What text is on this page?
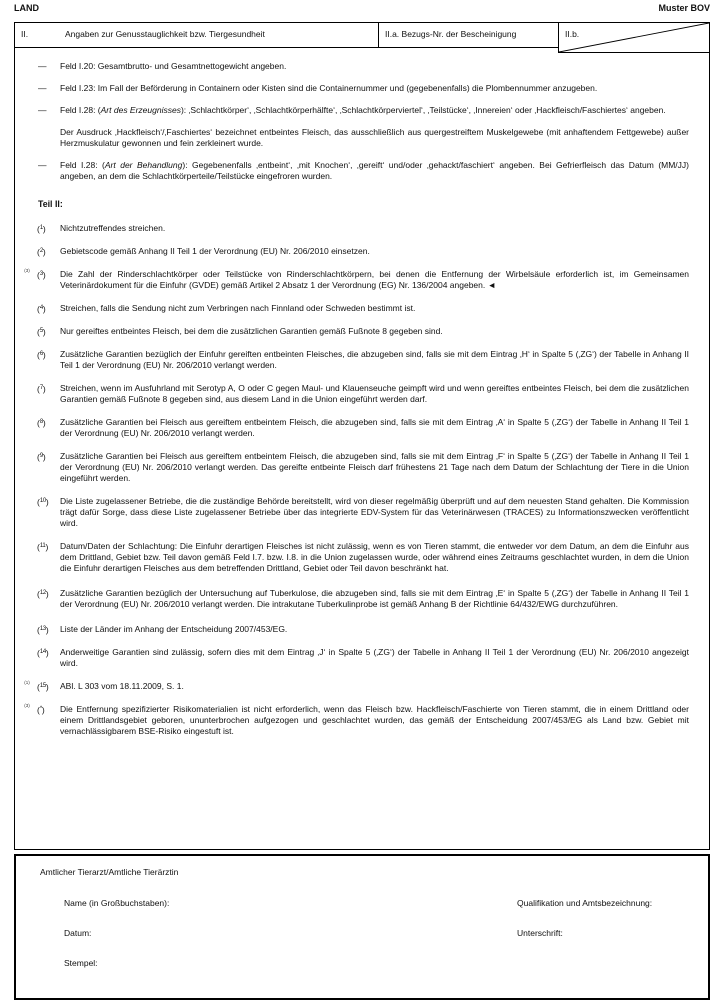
LAND	Muster BOV
II.	Angaben zur Genusstauglichkeit bzw. Tiergesundheit	II.a. Bezugs-Nr. der Bescheinigung	II.b.
— Feld I.20: Gesamtbrutto- und Gesamtnettogewicht angeben.
— Feld I.23: Im Fall der Beförderung in Containern oder Kisten sind die Containernummer und (gegebenenfalls) die Plombennummer anzugeben.
— Feld I.28: (Art des Erzeugnisses): ‚Schlachtkörper‘, ‚Schlachtkörperhälfte‘, ‚Schlachtkörperviertel‘, ‚Teilstücke‘, ‚Innereien‘ oder ‚Hackfleisch/Faschiertes‘ angeben.
Der Ausdruck ‚Hackfleisch‘/‚Faschiertes‘ bezeichnet entbeintes Fleisch, das ausschließlich aus quergestreiftem Muskelgewebe (mit anhaftendem Fettgewebe) außer Herzmuskulatur gewonnen und fein zerkleinert wurde.
— Feld I.28: (Art der Behandlung): Gegebenenfalls ‚entbeint‘, ‚mit Knochen‘, ‚gereift‘ und/oder ‚gehackt/faschiert‘ angeben. Bei Gefrierfleisch das Datum (MM/JJ) angeben, an dem die Schlachtkörperteile/Teilstücke eingefroren wurden.
Teil II:
( $^1$ )	Nichtzutreffendes streichen.
( $^2$ )	Gebietscode gemäß Anhang II Teil 1 der Verordnung (EU) Nr. 206/2010 einsetzen.
(3)	( $^3$ )	Die Zahl der Rinderschlachtkörper oder Teilstücke von Rinderschlachtkörpern, bei denen die Entfernung der Wirbelsäule erforderlich ist, im Gemeinsamen Veterinärdokument für die Einfuhr (GVDE) gemäß Artikel 2 Absatz 1 der Verordnung (EG) Nr. 136/2004 angeben. ◄
( $^4$ )	Streichen, falls die Sendung nicht zum Verbringen nach Finnland oder Schweden bestimmt ist.
( $^5$ )	Nur gereiftes entbeintes Fleisch, bei dem die zusätzlichen Garantien gemäß Fußnote 8 gegeben sind.
( $^6$ )	Zusätzliche Garantien bezüglich der Einfuhr gereiften entbeinten Fleisches, die abzugeben sind, falls sie mit dem Eintrag ‚H‘ in Spalte 5 (‚ZG‘) der Tabelle in Anhang II Teil 1 der Verordnung (EU) Nr. 206/2010 verlangt werden.
( $^7$ )	Streichen, wenn im Ausfuhrland mit Serotyp A, O oder C gegen Maul- und Klauenseuche geimpft wird und wenn gereiftes entbeintes Fleisch, bei dem die zusätzlichen Garantien gemäß Fußnote 8 gegeben sind, aus diesem Land in die Union eingeführt werden darf.
( $^8$ )	Zusätzliche Garantien bei Fleisch aus gereiftem entbeintem Fleisch, die abzugeben sind, falls sie mit dem Eintrag ‚A‘ in Spalte 5 (‚ZG‘) der Tabelle in Anhang II Teil 1 der Verordnung (EU) Nr. 206/2010 verlangt werden.
( $^9$ )	Zusätzliche Garantien bei Fleisch aus gereiftem entbeintem Fleisch, die abzugeben sind, falls sie mit dem Eintrag ‚F‘ in Spalte 5 (‚ZG‘) der Tabelle in Anhang II Teil 1 der Verordnung (EU) Nr. 206/2010 verlangt werden. Das gereifte entbeinte Fleisch darf frühestens 21 Tage nach dem Datum der Schlachtung der Tiere in die Union eingeführt werden.
( $^{10}$ )	Die Liste zugelassener Betriebe, die die zuständige Behörde bereitstellt, wird von dieser regelmäßig überprüft und auf dem neuesten Stand gehalten. Die Kommission trägt dafür Sorge, dass diese Liste zugelassener Betriebe über das integrierte EDV-System für das Veterinärwesen (TRACES) zu Informationszwecken veröffentlicht wird.
( $^{11}$ )	Datum/Daten der Schlachtung: Die Einfuhr derartigen Fleisches ist nicht zulässig, wenn es von Tieren stammt, die entweder vor dem Datum, an dem die Einfuhr aus dem Drittland, Gebiet bzw. Teil davon gemäß Feld I.7. bzw. I.8. in die Union zugelassen wurde, oder während eines Zeitraums geschlachtet wurden, in dem die Union die Einfuhr derartigen Fleisches aus dem betreffenden Drittland, Gebiet oder Teil davon beschränkt hat.
( $^{12}$ )	Zusätzliche Garantien bezüglich der Untersuchung auf Tuberkulose, die abzugeben sind, falls sie mit dem Eintrag ‚E‘ in Spalte 5 (‚ZG‘) der Tabelle in Anhang II Teil 1 der Verordnung (EU) Nr. 206/2010 verlangt werden. Die intrakutane Tuberkulinprobe ist gemäß Anhang B der Richtlinie 64/432/EWG durchzuführen.
( $^{13}$ )	Liste der Länder im Anhang der Entscheidung 2007/453/EG.
( $^{14}$ )	Anderweitige Garantien sind zulässig, sofern dies mit dem Eintrag ‚J‘ in Spalte 5 (‚ZG‘) der Tabelle in Anhang II Teil 1 der Verordnung (EU) Nr. 206/2010 angezeigt wird.
(1)	( $^{15}$ )	ABl. L 303 vom 18.11.2009, S. 1.
(3)	( * )	Die Entfernung spezifizierter Risikomaterialien ist nicht erforderlich, wenn das Fleisch bzw. Hackfleisch/Faschierte von Tieren stammt, die in einem Drittland oder einem Drittlandsgebiet geboren, ununterbrochen aufgezogen und geschlachtet wurden, das gemäß der Entscheidung 2007/453/EG als Land bzw. Gebiet mit vernachlässigbarem BSE-Risiko eingestuft ist.
Amtlicher Tierarzt/Amtliche Tierärztin
Name (in Großbuchstaben):	Qualifikation und Amtsbezeichnung:
Datum:	Unterschrift:
Stempel:
